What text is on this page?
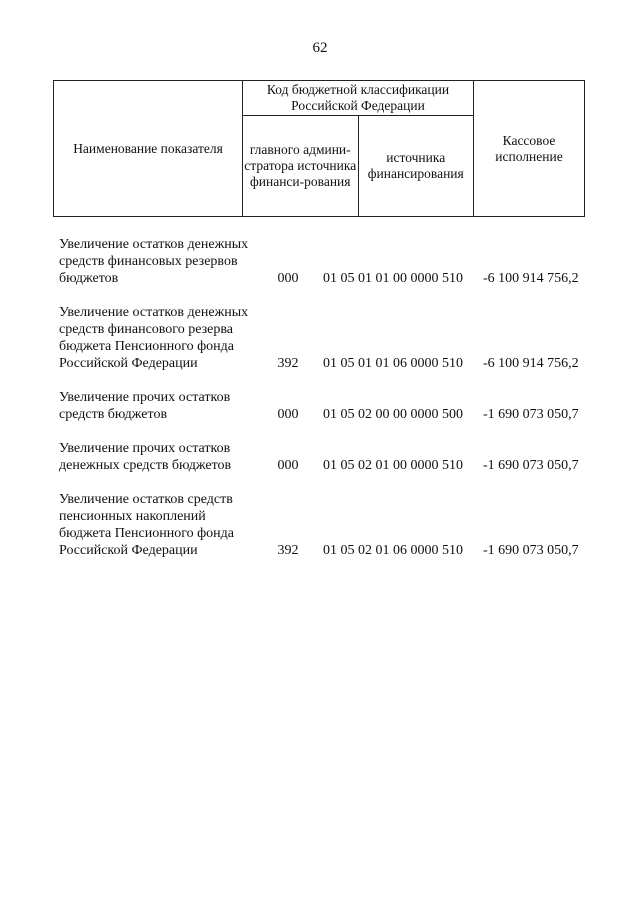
62
Наименование показателя	Код бюджетной классификации Российской Федерации		Кассовое исполнение
	главного админи-стратора источника финанси-рования	источника финансирования	
Увеличение остатков денежных средств финансовых резервов бюджетов	000	01 05 01 01 00 0000 510	-6 100 914 756,2
Увеличение остатков денежных средств финансового резерва бюджета Пенсионного фонда Российской Федерации	392	01 05 01 01 06 0000 510	-6 100 914 756,2
Увеличение прочих остатков средств бюджетов	000	01 05 02 00 00 0000 500	-1 690 073 050,7
Увеличение прочих остатков денежных средств бюджетов	000	01 05 02 01 00 0000 510	-1 690 073 050,7
Увеличение остатков средств пенсионных накоплений бюджета Пенсионного фонда Российской Федерации	392	01 05 02 01 06 0000 510	-1 690 073 050,7
